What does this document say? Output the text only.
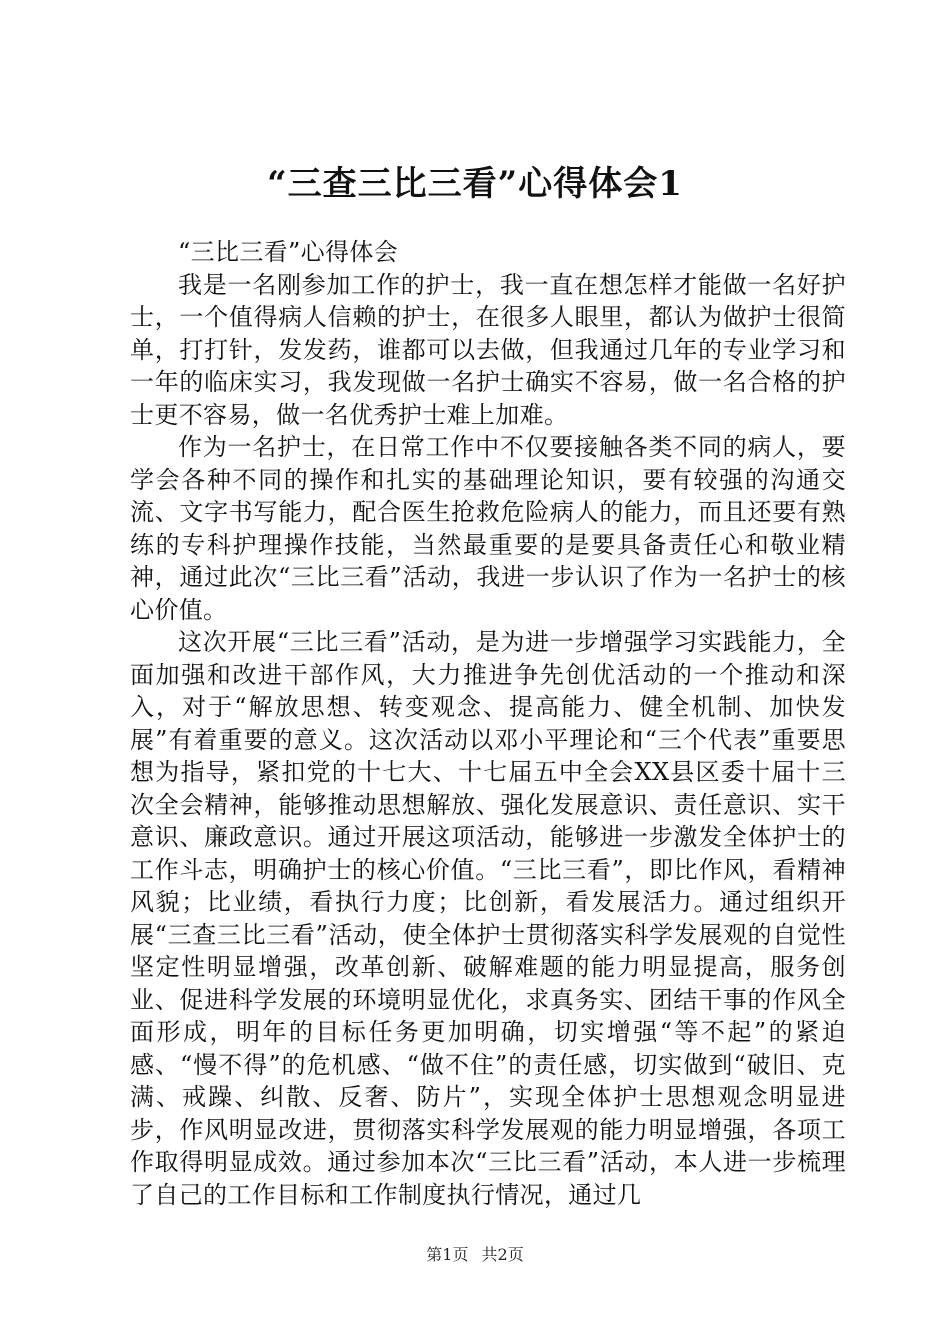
“三查三比三看”心得体会1

“三比三看”心得体会

我是一名刚参加工作的护士，我一直在想怎样才能做一名好护士，一个值得病人信赖的护士，在很多人眼里，都认为做护士很简单，打打针，发发药，谁都可以去做，但我通过几年的专业学习和一年的临床实习，我发现做一名护士确实不容易，做一名合格的护士更不容易，做一名优秀护士难上加难。

作为一名护士，在日常工作中不仅要接触各类不同的病人，要学会各种不同的操作和扎实的基础理论知识，要有较强的沟通交流、文字书写能力，配合医生抢救危险病人的能力，而且还要有熟练的专科护理操作技能，当然最重要的是要具备责任心和敬业精神，通过此次“三比三看”活动，我进一步认识了作为一名护士的核心价值。

这次开展“三比三看”活动，是为进一步增强学习实践能力，全面加强和改进干部作风，大力推进争先创优活动的一个推动和深入，对于“解放思想、转变观念、提高能力、健全机制、加快发展”有着重要的意义。这次活动以邓小平理论和“三个代表”重要思想为指导，紧扣党的十七大、十七届五中全会XX县区委十届十三次全会精神，能够推动思想解放、强化发展意识、责任意识、实干意识、廉政意识。通过开展这项活动，能够进一步激发全体护士的工作斗志，明确护士的核心价值。“三比三看”，即比作风，看精神风貌；比业绩，看执行力度；比创新，看发展活力。通过组织开展“三查三比三看”活动，使全体护士贯彻落实科学发展观的自觉性坚定性明显增强，改革创新、破解难题的能力明显提高，服务创业、促进科学发展的环境明显优化，求真务实、团结干事的作风全面形成，明年的目标任务更加明确，切实增强“等不起”的紧迫感、“慢不得”的危机感、“做不住”的责任感，切实做到“破旧、克满、戒躁、纠散、反奢、防片”，实现全体护士思想观念明显进步，作风明显改进，贯彻落实科学发展观的能力明显增强，各项工作取得明显成效。通过参加本次“三比三看”活动，本人进一步梳理了自己的工作目标和工作制度执行情况，通过几

第1页 共2页
